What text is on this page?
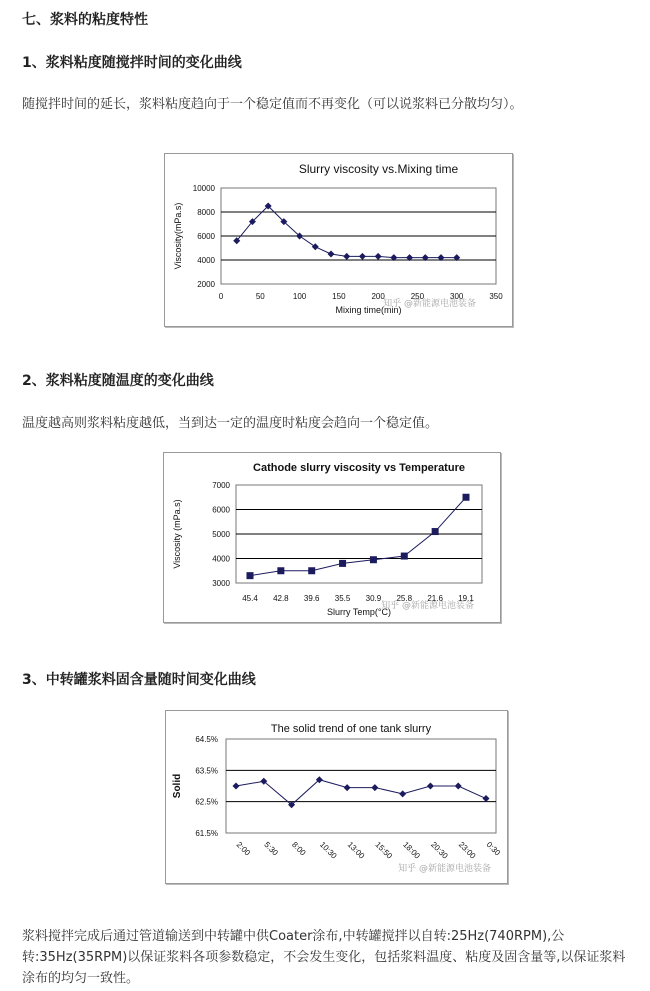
七、浆料的粘度特性
1、浆料粘度随搅拌时间的变化曲线
随搅拌时间的延长，浆料粘度趋向于一个稳定值而不再变化（可以说浆料已分散均匀）。
Slurry viscosity vs.Mixing time
2000
4000
6000
8000
10000
0	50	100	150	200	250	300	350
Mixing time(min)
Viscosity(mPa.s)
知乎 @新能源电池装备
2、浆料粘度随温度的变化曲线
温度越高则浆料粘度越低，当到达一定的温度时粘度会趋向一个稳定值。
Cathode slurry viscosity vs Temperature
3000
4000
5000
6000
7000
45.4 42.8 39.6 35.5 30.9 25.8 21.6 19.1
Slurry Temp(°C)
Viscosity (mPa.s)
知乎 @新能源电池装备
3、中转罐浆料固含量随时间变化曲线
The solid trend of one tank slurry
61.5%
62.5%
63.5%
64.5%
2:00 5:30 8:00 10:30 13:00 15:50 18:00 20:30 23:00 0:30
Solid
知乎 @新能源电池装备
浆料搅拌完成后通过管道输送到中转罐中供Coater涂布,中转罐搅拌以自转:25Hz(740RPM),公转:35Hz(35RPM)以保证浆料各项参数稳定，不会发生变化，包括浆料温度、粘度及固含量等,以保证浆料涂布的均匀一致性。
